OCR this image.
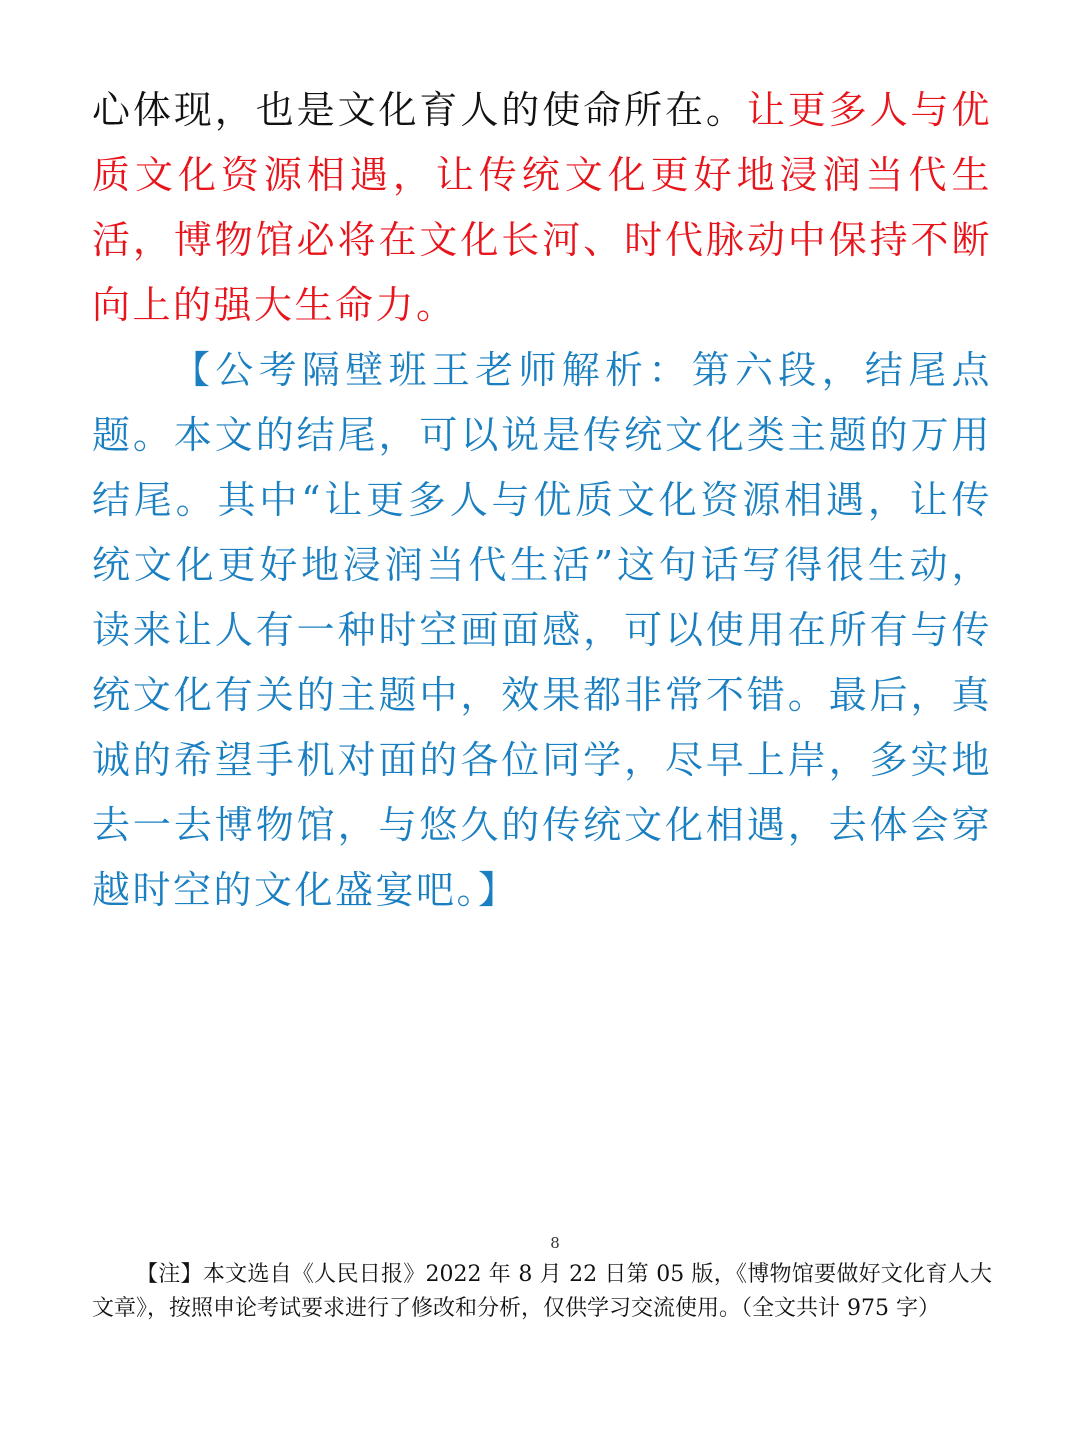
心体现，也是文化育人的使命所在。让更多人与优质文化资源相遇，让传统文化更好地浸润当代生活，博物馆必将在文化长河、时代脉动中保持不断向上的强大生命力。

【公考隔壁班王老师解析：第六段，结尾点题。本文的结尾，可以说是传统文化类主题的万用结尾。其中“让更多人与优质文化资源相遇，让传统文化更好地浸润当代生活”这句话写得很生动，读来让人有一种时空画面感，可以使用在所有与传统文化有关的主题中，效果都非常不错。最后，真诚的希望手机对面的各位同学，尽早上岸，多实地去一去博物馆，与悠久的传统文化相遇，去体会穿越时空的文化盛宴吧。】

8

【注】本文选自《人民日报》2022 年 8 月 22 日第 05 版，《博物馆要做好文化育人大文章》，按照申论考试要求进行了修改和分析，仅供学习交流使用。（全文共计 975 字）
